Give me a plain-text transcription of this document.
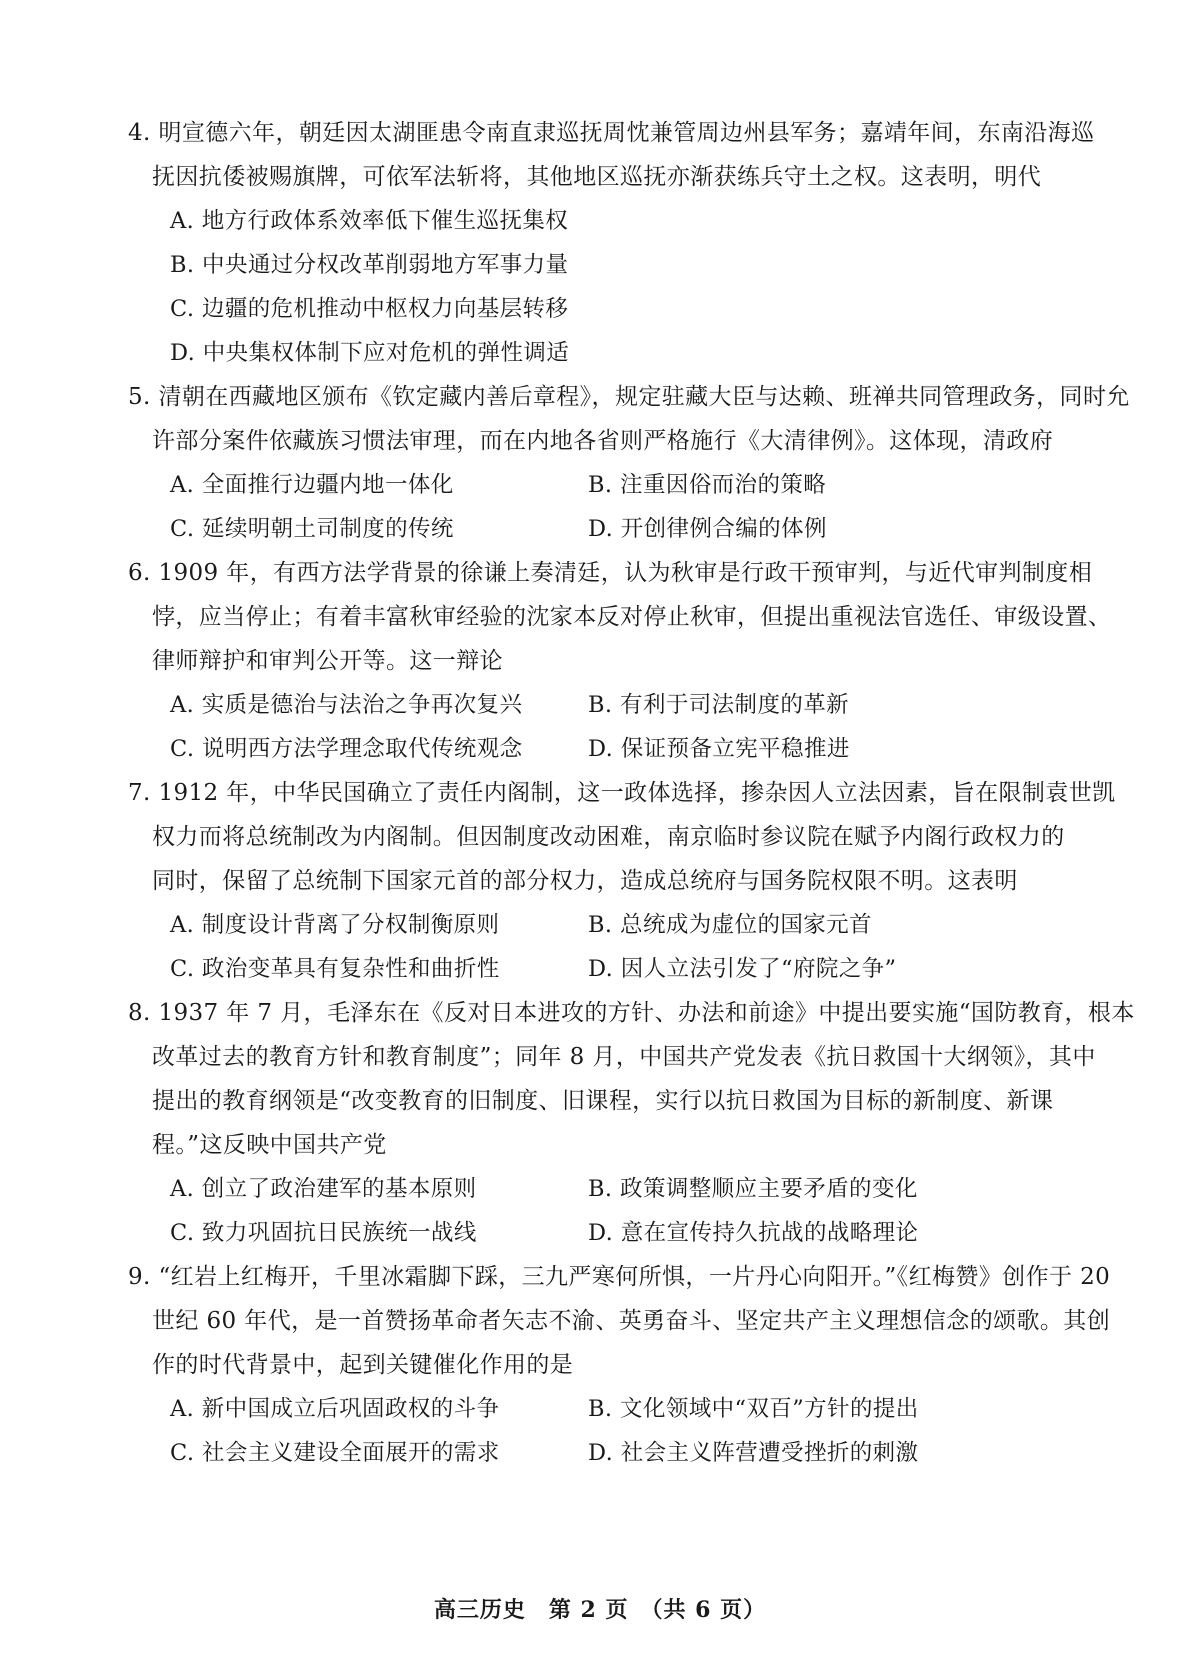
4. 明宣德六年，朝廷因太湖匪患令南直隶巡抚周忱兼管周边州县军务；嘉靖年间，东南沿海巡
抚因抗倭被赐旗牌，可依军法斩将，其他地区巡抚亦渐获练兵守土之权。这表明，明代
A. 地方行政体系效率低下催生巡抚集权
B. 中央通过分权改革削弱地方军事力量
C. 边疆的危机推动中枢权力向基层转移
D. 中央集权体制下应对危机的弹性调适
5. 清朝在西藏地区颁布《钦定藏内善后章程》，规定驻藏大臣与达赖、班禅共同管理政务，同时允
许部分案件依藏族习惯法审理，而在内地各省则严格施行《大清律例》。这体现，清政府
A. 全面推行边疆内地一体化	B. 注重因俗而治的策略
C. 延续明朝土司制度的传统	D. 开创律例合编的体例
6. 1909 年，有西方法学背景的徐谦上奏清廷，认为秋审是行政干预审判，与近代审判制度相
悖，应当停止；有着丰富秋审经验的沈家本反对停止秋审，但提出重视法官选任、审级设置、
律师辩护和审判公开等。这一辩论
A. 实质是德治与法治之争再次复兴	B. 有利于司法制度的革新
C. 说明西方法学理念取代传统观念	D. 保证预备立宪平稳推进
7. 1912 年，中华民国确立了责任内阁制，这一政体选择，掺杂因人立法因素，旨在限制袁世凯
权力而将总统制改为内阁制。但因制度改动困难，南京临时参议院在赋予内阁行政权力的
同时，保留了总统制下国家元首的部分权力，造成总统府与国务院权限不明。这表明
A. 制度设计背离了分权制衡原则	B. 总统成为虚位的国家元首
C. 政治变革具有复杂性和曲折性	D. 因人立法引发了“府院之争”
8. 1937 年 7 月，毛泽东在《反对日本进攻的方针、办法和前途》中提出要实施“国防教育，根本
改革过去的教育方针和教育制度”；同年 8 月，中国共产党发表《抗日救国十大纲领》，其中
提出的教育纲领是“改变教育的旧制度、旧课程，实行以抗日救国为目标的新制度、新课
程。”这反映中国共产党
A. 创立了政治建军的基本原则	B. 政策调整顺应主要矛盾的变化
C. 致力巩固抗日民族统一战线	D. 意在宣传持久抗战的战略理论
9. “红岩上红梅开，千里冰霜脚下踩，三九严寒何所惧，一片丹心向阳开。”《红梅赞》创作于 20
世纪 60 年代，是一首赞扬革命者矢志不渝、英勇奋斗、坚定共产主义理想信念的颂歌。其创
作的时代背景中，起到关键催化作用的是
A. 新中国成立后巩固政权的斗争	B. 文化领域中“双百”方针的提出
C. 社会主义建设全面展开的需求	D. 社会主义阵营遭受挫折的刺激
高三历史　第 2 页　（共 6 页）
